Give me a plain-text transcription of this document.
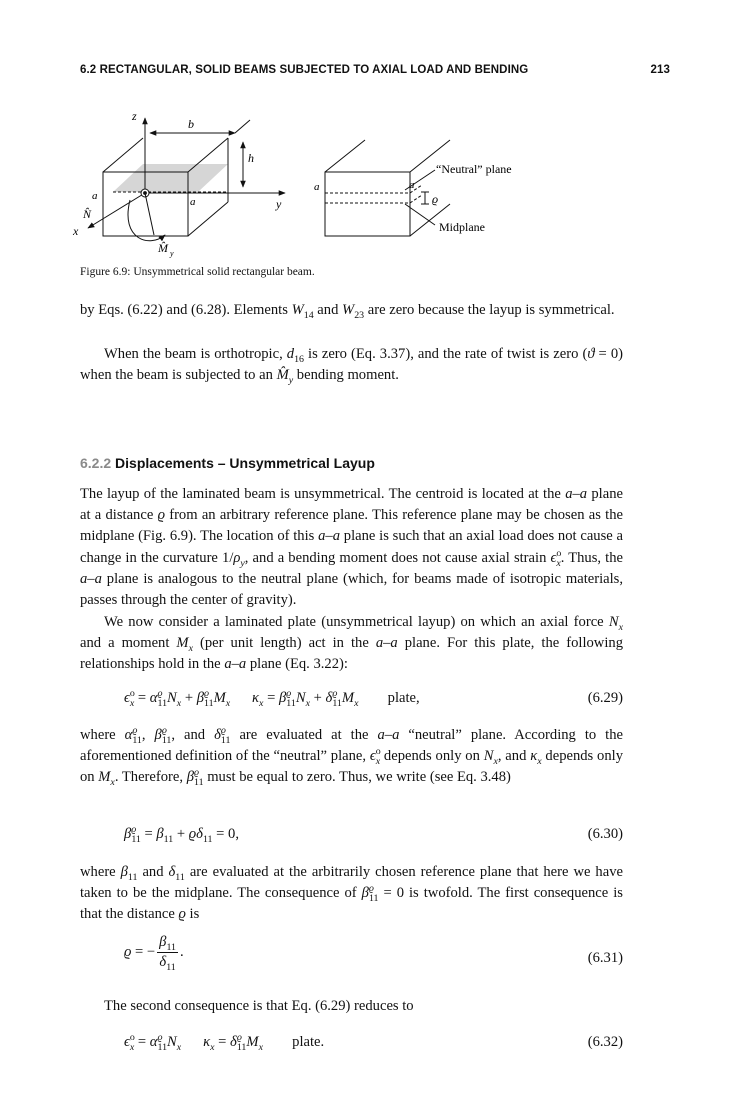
6.2 RECTANGULAR, SOLID BEAMS SUBJECTED TO AXIAL LOAD AND BENDING	213
z
y
x
b
h
a	a
N̂
M̂ y
a	a
ϱ
“Neutral” plane
Midplane
Figure 6.9: Unsymmetrical solid rectangular beam.

by Eqs. (6.22) and (6.28). Elements $W_{14}$ and $W_{23}$ are zero because the layup is symmetrical.

When the beam is orthotropic, $d_{16}$ is zero (Eq. 3.37), and the rate of twist is zero (ϑ = 0) when the beam is subjected to an $M̂_y$ bending moment.

6.2.2 Displacements – Unsymmetrical Layup

The layup of the laminated beam is unsymmetrical. The centroid is located at the a–a plane at a distance ϱ from an arbitrary reference plane. This reference plane may be chosen as the midplane (Fig. 6.9). The location of this a–a plane is such that an axial load does not cause a change in the curvature $1/\rho_y$, and a bending moment does not cause axial strain $\epsilon^o_x$. Thus, the a–a plane is analogous to the neutral plane (which, for beams made of isotropic materials, passes through the center of gravity).

We now consider a laminated plate (unsymmetrical layup) on which an axial force $N_x$ and a moment $M_x$ (per unit length) act in the a–a plane. For this plate, the following relationships hold in the a–a plane (Eq. 3.22):

$\epsilon^o_x = \alpha^ϱ_{11}N_x + \beta^ϱ_{11}M_x$ $\kappa_x = \beta^ϱ_{11}N_x + \delta^ϱ_{11}M_x$ plate,	(6.29)

where $\alpha^ϱ_{11}$, $\beta^ϱ_{11}$, and $\delta^ϱ_{11}$ are evaluated at the a–a “neutral” plane. According to the aforementioned definition of the “neutral” plane, $\epsilon^o_x$ depends only on $N_x$, and $\kappa_x$ depends only on $M_x$. Therefore, $\beta^ϱ_{11}$ must be equal to zero. Thus, we write (see Eq. 3.48)

$\beta^ϱ_{11} = \beta_{11} + ϱ\delta_{11} = 0$,	(6.30)

where $\beta_{11}$ and $\delta_{11}$ are evaluated at the arbitrarily chosen reference plane that here we have taken to be the midplane. The consequence of $\beta^ϱ_{11} = 0$ is twofold. The first consequence is that the distance ϱ is

ϱ = − $\frac{\beta_{11}}{\delta_{11}}$ .	(6.31)

The second consequence is that Eq. (6.29) reduces to

$\epsilon^o_x = \alpha^ϱ_{11}N_x$ $\kappa_x = \delta^ϱ_{11}M_x$ plate.	(6.32)
